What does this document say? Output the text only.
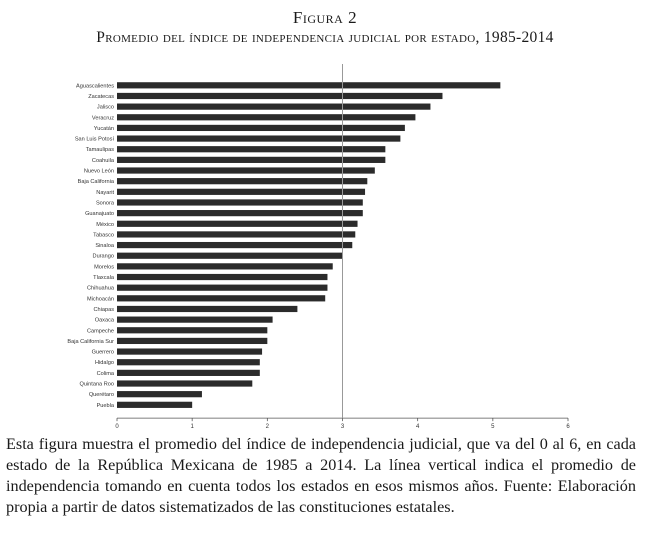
Figura 2
Promedio del índice de independencia judicial por estado, 1985-2014
Aguascalientes
Zacatecas
Jalisco
Veracruz
Yucatán
San Luis Potosí
Tamaulipas
Coahuila
Nuevo León
Baja California
Nayarit
Sonora
Guanajuato
México
Tabasco
Sinaloa
Durango
Morelos
Tlaxcala
Chihuahua
Michoacán
Chiapas
Oaxaca
Campeche
Baja California Sur
Guerrero
Hidalgo
Colima
Quintana Roo
Querétaro
Puebla
0	1	2	3	4	5	6

Esta figura muestra el promedio del índice de independencia judicial, que va del 0 al 6, en cada estado de la República Mexicana de 1985 a 2014. La línea vertical indica el promedio de independencia tomando en cuenta todos los estados en esos mismos años. Fuente: Elaboración propia a partir de datos sistematizados de las constituciones estatales.
